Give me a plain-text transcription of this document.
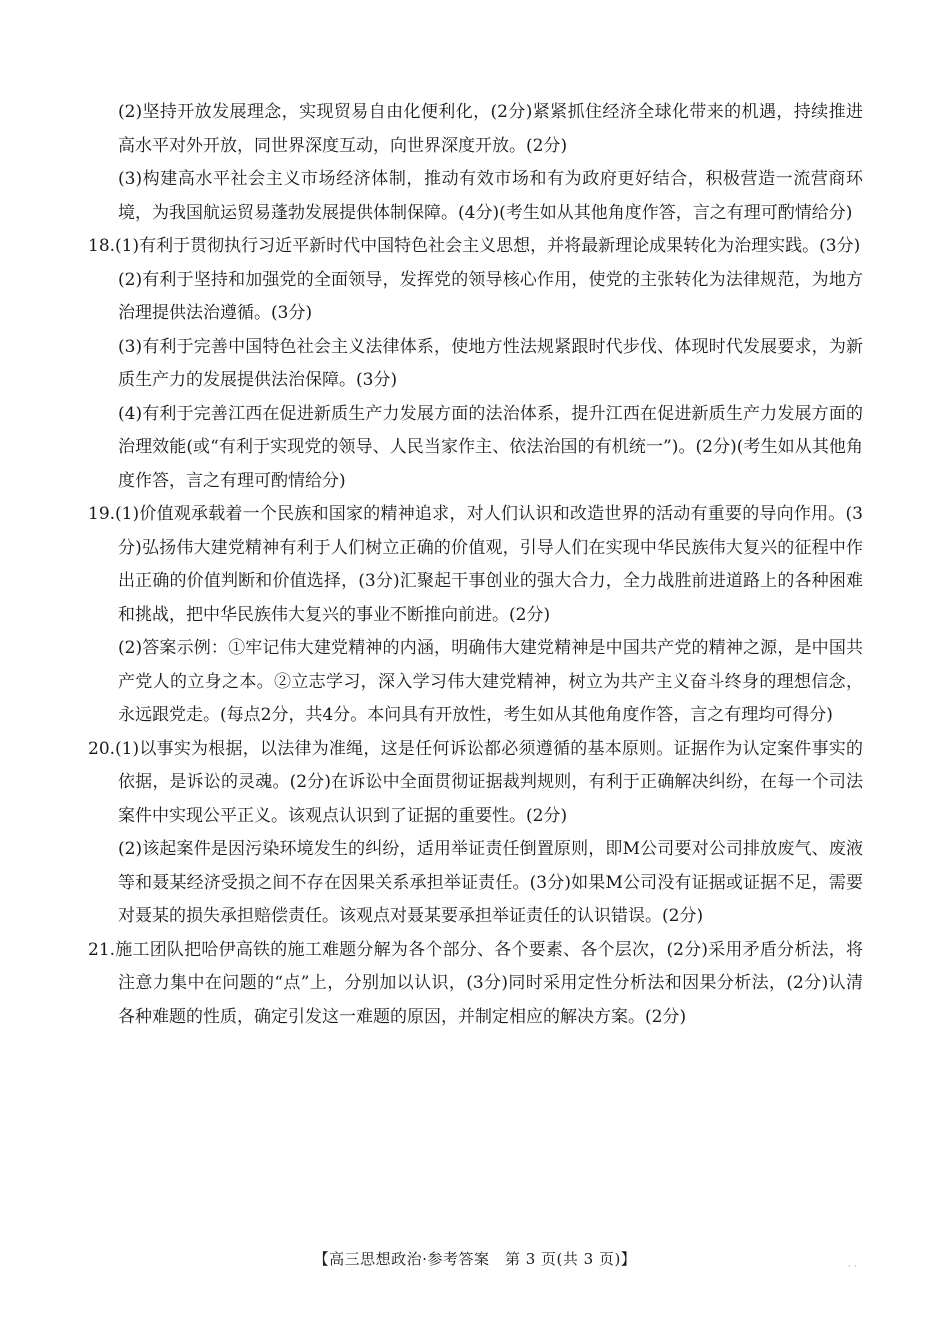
(2)坚持开放发展理念，实现贸易自由化便利化，(2分)紧紧抓住经济全球化带来的机遇，持续推进高水平对外开放，同世界深度互动，向世界深度开放。(2分)

(3)构建高水平社会主义市场经济体制，推动有效市场和有为政府更好结合，积极营造一流营商环境，为我国航运贸易蓬勃发展提供体制保障。(4分)(考生如从其他角度作答，言之有理可酌情给分)

18.(1)有利于贯彻执行习近平新时代中国特色社会主义思想，并将最新理论成果转化为治理实践。(3分)

(2)有利于坚持和加强党的全面领导，发挥党的领导核心作用，使党的主张转化为法律规范，为地方治理提供法治遵循。(3分)

(3)有利于完善中国特色社会主义法律体系，使地方性法规紧跟时代步伐、体现时代发展要求，为新质生产力的发展提供法治保障。(3分)

(4)有利于完善江西在促进新质生产力发展方面的法治体系，提升江西在促进新质生产力发展方面的治理效能(或“有利于实现党的领导、人民当家作主、依法治国的有机统一”)。(2分)(考生如从其他角度作答，言之有理可酌情给分)

19.(1)价值观承载着一个民族和国家的精神追求，对人们认识和改造世界的活动有重要的导向作用。(3分)弘扬伟大建党精神有利于人们树立正确的价值观，引导人们在实现中华民族伟大复兴的征程中作出正确的价值判断和价值选择，(3分)汇聚起干事创业的强大合力，全力战胜前进道路上的各种困难和挑战，把中华民族伟大复兴的事业不断推向前进。(2分)

(2)答案示例：①牢记伟大建党精神的内涵，明确伟大建党精神是中国共产党的精神之源，是中国共产党人的立身之本。②立志学习，深入学习伟大建党精神，树立为共产主义奋斗终身的理想信念，永远跟党走。(每点2分，共4分。本问具有开放性，考生如从其他角度作答，言之有理均可得分)

20.(1)以事实为根据，以法律为准绳，这是任何诉讼都必须遵循的基本原则。证据作为认定案件事实的依据，是诉讼的灵魂。(2分)在诉讼中全面贯彻证据裁判规则，有利于正确解决纠纷，在每一个司法案件中实现公平正义。该观点认识到了证据的重要性。(2分)

(2)该起案件是因污染环境发生的纠纷，适用举证责任倒置原则，即M公司要对公司排放废气、废液等和聂某经济受损之间不存在因果关系承担举证责任。(3分)如果M公司没有证据或证据不足，需要对聂某的损失承担赔偿责任。该观点对聂某要承担举证责任的认识错误。(2分)

21.施工团队把哈伊高铁的施工难题分解为各个部分、各个要素、各个层次，(2分)采用矛盾分析法，将注意力集中在问题的“点”上，分别加以认识，(3分)同时采用定性分析法和因果分析法，(2分)认清各种难题的性质，确定引发这一难题的原因，并制定相应的解决方案。(2分)

【高三思想政治·参考答案　第 3 页(共 3 页)】	· ·
